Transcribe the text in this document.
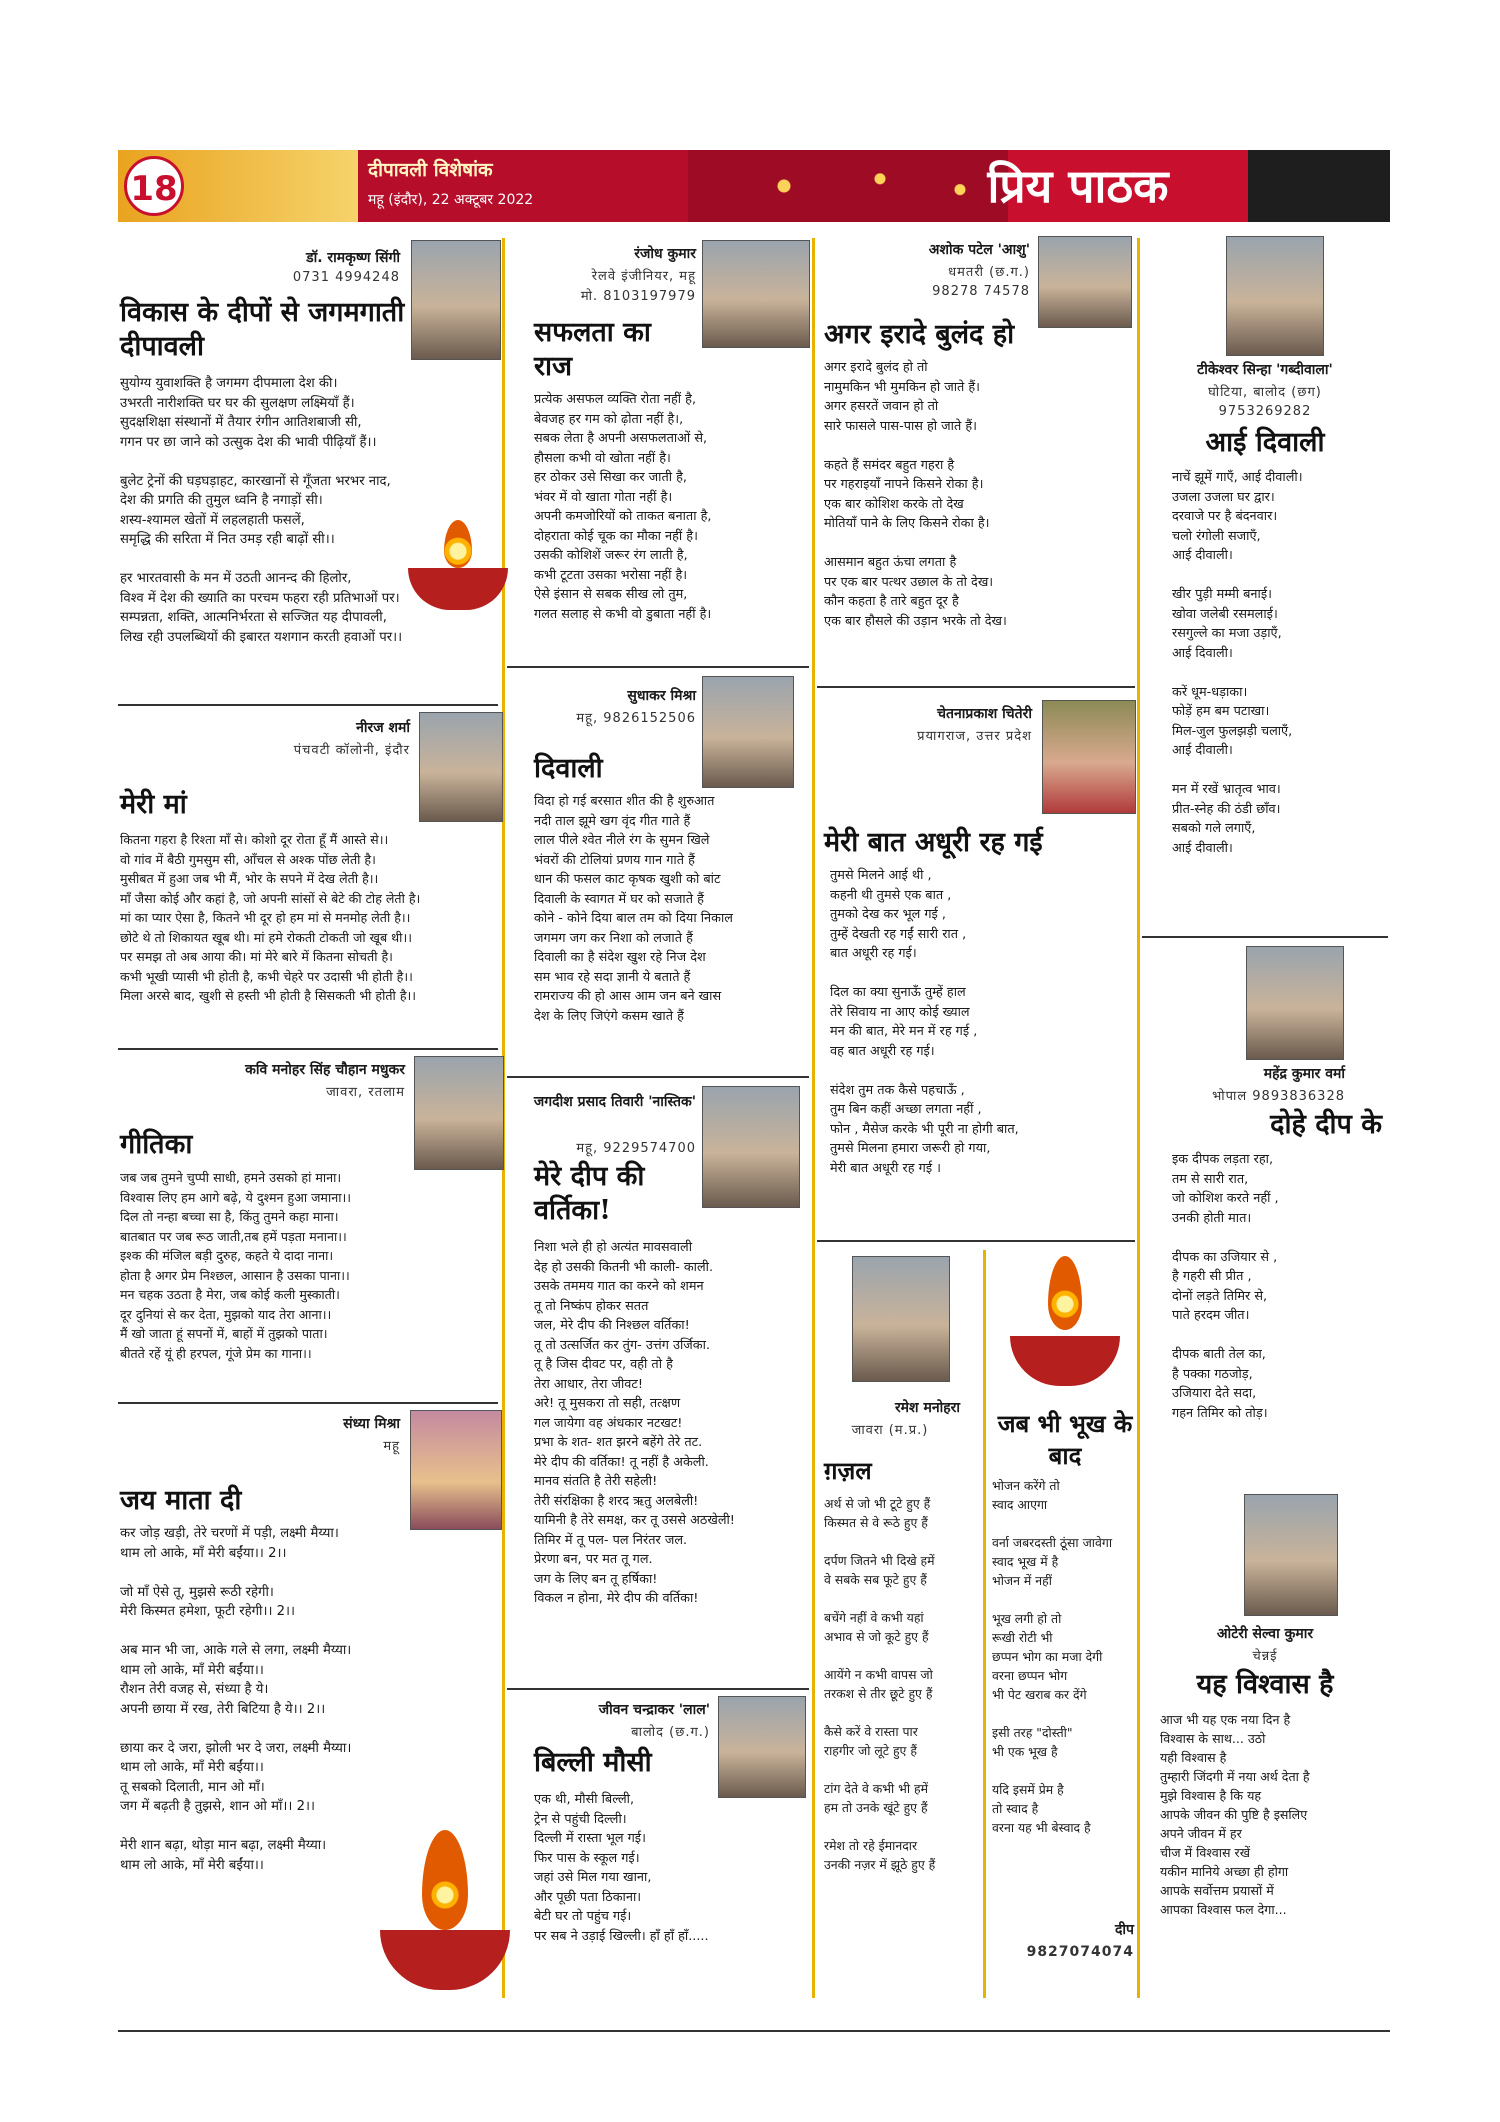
18	दीपावली विशेषांक
महू (इंदौर), 22 अक्टूबर 2022	प्रिय पाठक
डॉ. रामकृष्ण सिंगी
0731 4994248
विकास के दीपों से जगमगाती दीपावली
सुयोग्य युवाशक्ति है जगमग दीपमाला देश की।
उभरती नारीशक्ति घर घर की सुलक्षण लक्ष्मियाँ हैं।
सुदक्षशिक्षा संस्थानों में तैयार रंगीन आतिशबाजी सी,
गगन पर छा जाने को उत्सुक देश की भावी पीढ़ियाँ हैं।।

बुलेट ट्रेनों की घड़घड़ाहट, कारखानों से गूँजता भरभर नाद,
देश की प्रगति की तुमुल ध्वनि है नगाड़ों सी।
शस्य-श्यामल खेतों में लहलहाती फसलें,
समृद्धि की सरिता में नित उमड़ रही बाढ़ों सी।।

हर भारतवासी के मन में उठती आनन्द की हिलोर,
विश्व में देश की ख्याति का परचम फहरा रही प्रतिभाओं पर।
सम्पन्नता, शक्ति, आत्मनिर्भरता से सज्जित यह दीपावली,
लिख रही उपलब्धियों की इबारत यशगान करती हवाओं पर।।
नीरज शर्मा
पंचवटी कॉलोनी, इंदौर
मेरी मां
कितना गहरा है रिश्ता माँ से। कोशो दूर रोता हूँ मैं आस्ते से।।
वो गांव में बैठी गुमसुम सी, आँचल से अश्क पोंछ लेती है।
मुसीबत में हुआ जब भी मैं, भोर के सपने में देख लेती है।।
माँ जैसा कोई और कहां है, जो अपनी सांसों से बेटे की टोह लेती है।
मां का प्यार ऐसा है, कितने भी दूर हो हम मां से मनमोह लेती है।।
छोटे थे तो शिकायत खूब थी। मां हमे रोकती टोकती जो खूब थी।।
पर समझ तो अब आया की। मां मेरे बारे में कितना सोचती है।
कभी भूखी प्यासी भी होती है, कभी चेहरे पर उदासी भी होती है।।
मिला अरसे बाद, खुशी से हस्ती भी होती है सिसकती भी होती है।।
कवि मनोहर सिंह चौहान मधुकर
जावरा, रतलाम
गीतिका
जब जब तुमने चुप्पी साधी, हमने उसको हां माना।
विश्वास लिए हम आगे बढ़े, ये दुश्मन हुआ जमाना।।
दिल तो नन्हा बच्चा सा है, किंतु तुमने कहा माना।
बातबात पर जब रूठ जाती,तब हमें पड़ता मनाना।।
इश्क की मंजिल बड़ी दुरुह, कहते ये दादा नाना।
होता है अगर प्रेम निश्छल, आसान है उसका पाना।।
मन चहक उठता है मेरा, जब कोई कली मुस्काती।
दूर दुनियां से कर देता, मुझको याद तेरा आना।।
मैं खो जाता हूं सपनों में, बाहों में तुझको पाता।
बीतते रहें यूं ही हरपल, गूंजे प्रेम का गाना।।
संध्या मिश्रा
महू
जय माता दी
कर जोड़ खड़ी, तेरे चरणों में पड़ी, लक्ष्मी मैय्या।
थाम लो आके, माँ मेरी बईंया।। 2।।

जो माँ ऐसे तू, मुझसे रूठी रहेगी।
मेरी किस्मत हमेशा, फूटी रहेगी।। 2।।

अब मान भी जा, आके गले से लगा, लक्ष्मी मैय्या।
थाम लो आके, माँ मेरी बईंया।।
रौशन तेरी वजह से, संध्या है ये।
अपनी छाया में रख, तेरी बिटिया है ये।। 2।।

छाया कर दे जरा, झोली भर दे जरा, लक्ष्मी मैय्या।
थाम लो आके, माँ मेरी बईंया।।
तू सबको दिलाती, मान ओ माँ।
जग में बढ़ती है तुझसे, शान ओ माँ।। 2।।

मेरी शान बढ़ा, थोड़ा मान बढ़ा, लक्ष्मी मैय्या।
थाम लो आके, माँ मेरी बईंया।।
रंजोध कुमार
रेलवे इंजीनियर, महू
मो. 8103197979
सफलता का राज
प्रत्येक असफल व्यक्ति रोता नहीं है,
बेवजह हर गम को ढ़ोता नहीं है।,
सबक लेता है अपनी असफलताओं से,
हौसला कभी वो खोता नहीं है।
हर ठोकर उसे सिखा कर जाती है,
भंवर में वो खाता गोता नहीं है।
अपनी कमजोरियों को ताकत बनाता है,
दोहराता कोई चूक का मौका नहीं है।
उसकी कोशिशें जरूर रंग लाती है,
कभी टूटता उसका भरोसा नहीं है।
ऐसे इंसान से सबक सीख लो तुम,
गलत सलाह से कभी वो डुबाता नहीं है।
सुधाकर मिश्रा
महू, 9826152506
दिवाली
विदा हो गई बरसात शीत की है शुरुआत
नदी ताल झूमे खग वृंद गीत गाते हैं
लाल पीले श्वेत नीले रंग के सुमन खिले
भंवरों की टोलियां प्रणय गान गाते हैं
धान की फसल काट कृषक खुशी को बांट
दिवाली के स्वागत में घर को सजाते हैं
कोने - कोने दिया बाल तम को दिया निकाल
जगमग जग कर निशा को लजाते हैं
दिवाली का है संदेश खुश रहे निज देश
सम भाव रहे सदा ज्ञानी ये बताते हैं
रामराज्य की हो आस आम जन बने खास
देश के लिए जिएंगे कसम खाते हैं
जगदीश प्रसाद तिवारी 'नास्तिक'
महू, 9229574700
मेरे दीप की वर्तिका!
निशा भले ही हो अत्यंत मावसवाली
देह हो उसकी कितनी भी काली- काली.
उसके तममय गात का करने को शमन
तू तो निष्कंप होकर सतत
जल, मेरे दीप की निश्छल वर्तिका!
तू तो उत्सर्जित कर तुंग- उत्तंग उर्जिका.
तू है जिस दीवट पर, वही तो है
तेरा आधार, तेरा जीवट!
अरे! तू मुसकरा तो सही, तत्क्षण
गल जायेगा वह अंधकार नटखट!
प्रभा के शत- शत झरने बहेंगे तेरे तट.
मेरे दीप की वर्तिका! तू नहीं है अकेली.
मानव संतति है तेरी सहेली!
तेरी संरक्षिका है शरद ऋतु अलबेली!
यामिनी है तेरे समक्ष, कर तू उससे अठखेली!
तिमिर में तू पल- पल निरंतर जल.
प्रेरणा बन, पर मत तू गल.
जग के लिए बन तू हर्षिका!
विकल न होना, मेरे दीप की वर्तिका!
जीवन चन्द्राकर 'लाल'
बालोद (छ.ग.)
बिल्ली मौसी
एक थी, मौसी बिल्ली,
ट्रेन से पहुंची दिल्ली।
दिल्ली में रास्ता भूल गई।
फिर पास के स्कूल गई।
जहां उसे मिल गया खाना,
और पूछी पता ठिकाना।
बेटी घर तो पहुंच गई।
पर सब ने उड़ाई खिल्ली। हाँ हाँ हाँ.....
अशोक पटेल 'आशु'
धमतरी (छ.ग.)
98278 74578
अगर इरादे बुलंद हो
अगर इरादे बुलंद हो तो
नामुमकिन भी मुमकिन हो जाते हैं।
अगर हसरतें जवान हो तो
सारे फासले पास-पास हो जाते हैं।

कहते हैं समंदर बहुत गहरा है
पर गहराइयाँ नापने किसने रोका है।
एक बार कोशिश करके तो देख
मोतियाँ पाने के लिए किसने रोका है।

आसमान बहुत ऊंचा लगता है
पर एक बार पत्थर उछाल के तो देख।
कौन कहता है तारे बहुत दूर है
एक बार हौसले की उड़ान भरके तो देख।
चेतनाप्रकाश चितेरी
प्रयागराज, उत्तर प्रदेश
मेरी बात अधूरी रह गई
तुमसे मिलने आई थी ,
कहनी थी तुमसे एक बात ,
तुमको देख कर भूल गई ,
तुम्हें देखती रह गईं सारी रात ,
बात अधूरी रह गई।

दिल का क्या सुनाऊँ तुम्हें हाल
तेरे सिवाय ना आए कोई ख्याल
मन की बात, मेरे मन में रह गई ,
वह बात अधूरी रह गई।

संदेश तुम तक कैसे पहचाऊँ ,
तुम बिन कहीं अच्छा लगता नहीं ,
फोन , मैसेज करके भी पूरी ना होगी बात,
तुमसे मिलना हमारा जरूरी हो गया,
मेरी बात अधूरी रह गई ।
रमेश मनोहरा
जावरा (म.प्र.)
ग़ज़ल
अर्थ से जो भी टूटे हुए हैं
किस्मत से वे रूठे हुए हैं

दर्पण जितने भी दिखे हमें
वे सबके सब फूटे हुए हैं

बचेंगे नहीं वे कभी यहां
अभाव से जो कूटे हुए हैं

आयेंगे न कभी वापस जो
तरकश से तीर छूटे हुए हैं

कैसे करें वे रास्ता पार
राहगीर जो लूटे हुए हैं

टांग देते वे कभी भी हमें
हम तो उनके खूंटे हुए हैं

रमेश तो रहे ईमानदार
उनकी नज़र में झूठे हुए हैं
जब भी भूख के बाद
भोजन करेंगे तो
स्वाद आएगा

वर्ना जबरदस्ती ठूंसा जावेगा
स्वाद भूख में है
भोजन में नहीं

भूख लगी हो तो
रूखी रोटी भी
छप्पन भोग का मजा देगी
वरना छप्पन भोग
भी पेट खराब कर देंगे

इसी तरह "दोस्ती"
भी एक भूख है

यदि इसमें प्रेम है
तो स्वाद है
वरना यह भी बेस्वाद है
दीप
9827074074
टीकेश्वर सिन्हा 'गब्दीवाला'
घोटिया, बालोद (छग)
9753269282
आई दिवाली
नाचें झूमें गाएँ, आई दीवाली।
उजला उजला घर द्वार।
दरवाजे पर है बंदनवार।
चलो रंगोली सजाएँ,
आई दीवाली।

खीर पुड़ी मम्मी बनाई।
खोवा जलेबी रसमलाई।
रसगुल्ले का मजा उड़ाएँ,
आई दिवाली।

करें धूम-धड़ाका।
फोड़ें हम बम पटाखा।
मिल-जुल फुलझड़ी चलाएँ,
आई दीवाली।

मन में रखें भ्रातृत्व भाव।
प्रीत-स्नेह की ठंडी छाँव।
सबको गले लगाएँ,
आई दीवाली।
महेंद्र कुमार वर्मा
भोपाल 9893836328
दोहे दीप के
इक दीपक लड़ता रहा,
तम से सारी रात,
जो कोशिश करते नहीं ,
उनकी होती मात।

दीपक का उजियार से ,
है गहरी सी प्रीत ,
दोनों लड़ते तिमिर से,
पाते हरदम जीत।

दीपक बाती तेल का,
है पक्का गठजोड़,
उजियारा देते सदा,
गहन तिमिर को तोड़।
ओटेरी सेल्वा कुमार
चेन्नई
यह विश्वास है
आज भी यह एक नया दिन है
विश्वास के साथ... उठो
यही विश्वास है
तुम्हारी जिंदगी में नया अर्थ देता है
मुझे विश्वास है कि यह
आपके जीवन की पुष्टि है इसलिए
अपने जीवन में हर
चीज में विश्वास रखें
यकीन मानिये अच्छा ही होगा
आपके सर्वोत्तम प्रयासों में
आपका विश्वास फल देगा...
